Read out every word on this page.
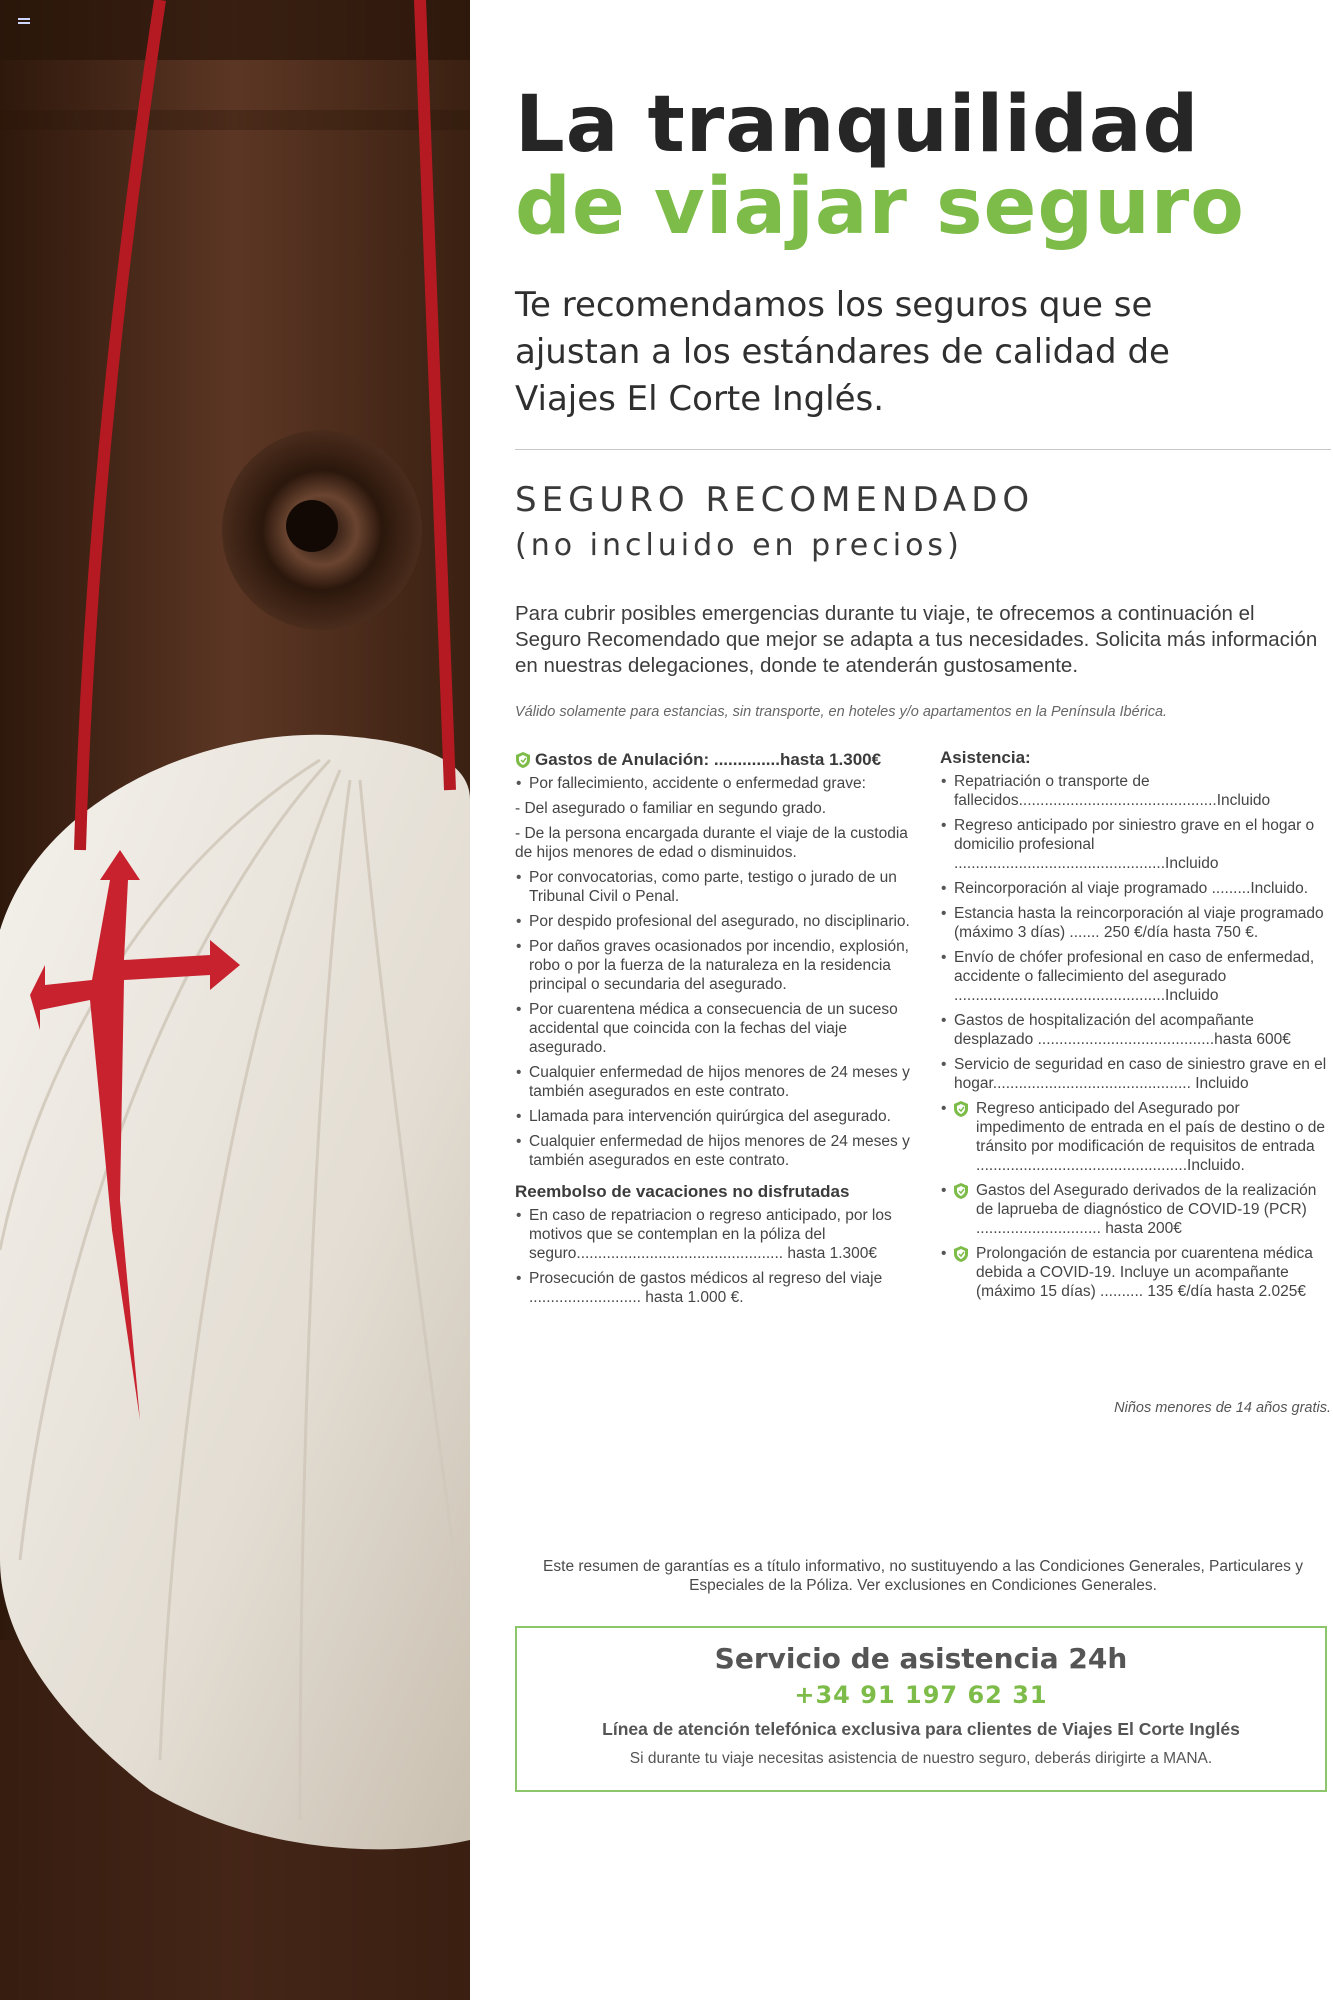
La tranquilidad
de viajar seguro
Te recomendamos los seguros que se ajustan a los estándares de calidad de Viajes El Corte Inglés.
SEGURO RECOMENDADO
(no incluido en precios)
Para cubrir posibles emergencias durante tu viaje, te ofrecemos a continuación el Seguro Recomendado que mejor se adapta a tus necesidades. Solicita más información en nuestras delegaciones, donde te atenderán gustosamente.
Válido solamente para estancias, sin transporte, en hoteles y/o apartamentos en la Península Ibérica.
Gastos de Anulación: ..............hasta 1.300€
• Por fallecimiento, accidente o enfermedad grave:
- Del asegurado o familiar en segundo grado.
- De la persona encargada durante el viaje de la custodia de hijos menores de edad o disminuidos.
• Por convocatorias, como parte, testigo o jurado de un Tribunal Civil o Penal.
• Por despido profesional del asegurado, no disciplinario.
• Por daños graves ocasionados por incendio, explosión, robo o por la fuerza de la naturaleza en la residencia principal o secundaria del asegurado.
• Por cuarentena médica a consecuencia de un suceso accidental que coincida con la fechas del viaje asegurado.
• Cualquier enfermedad de hijos menores de 24 meses y también asegurados en este contrato.
• Llamada para intervención quirúrgica del asegurado.
• Cualquier enfermedad de hijos menores de 24 meses y también asegurados en este contrato.
Reembolso de vacaciones no disfrutadas
• En caso de repatriacion o regreso anticipado, por los motivos que se contemplan en la póliza del seguro................................................ hasta 1.300€
• Prosecución de gastos médicos al regreso del viaje .......................... hasta 1.000 €.
Asistencia:
• Repatriación o transporte de fallecidos..............................................Incluido
• Regreso anticipado por siniestro grave en el hogar o domicilio profesional .................................................Incluido
• Reincorporación al viaje programado .........Incluido.
• Estancia hasta la reincorporación al viaje programado (máximo 3 días) ....... 250 €/día hasta 750 €.
• Envío de chófer profesional en caso de enfermedad, accidente o fallecimiento del asegurado .................................................Incluido
• Gastos de hospitalización del acompañante desplazado .........................................hasta 600€
• Servicio de seguridad en caso de siniestro grave en el hogar.............................................. Incluido
• Regreso anticipado del Asegurado por impedimento de entrada en el país de destino o de tránsito por modificación de requisitos de entrada .................................................Incluido.
• Gastos del Asegurado derivados de la realización de laprueba de diagnóstico de COVID-19 (PCR) ............................. hasta 200€
• Prolongación de estancia por cuarentena médica debida a COVID-19. Incluye un acompañante (máximo 15 días) .......... 135 €/día hasta 2.025€
Niños menores de 14 años gratis.
Este resumen de garantías es a título informativo, no sustituyendo a las Condiciones Generales, Particulares y Especiales de la Póliza. Ver exclusiones en Condiciones Generales.
Servicio de asistencia 24h
+34 91 197 62 31
Línea de atención telefónica exclusiva para clientes de Viajes El Corte Inglés
Si durante tu viaje necesitas asistencia de nuestro seguro, deberás dirigirte a MANA.
